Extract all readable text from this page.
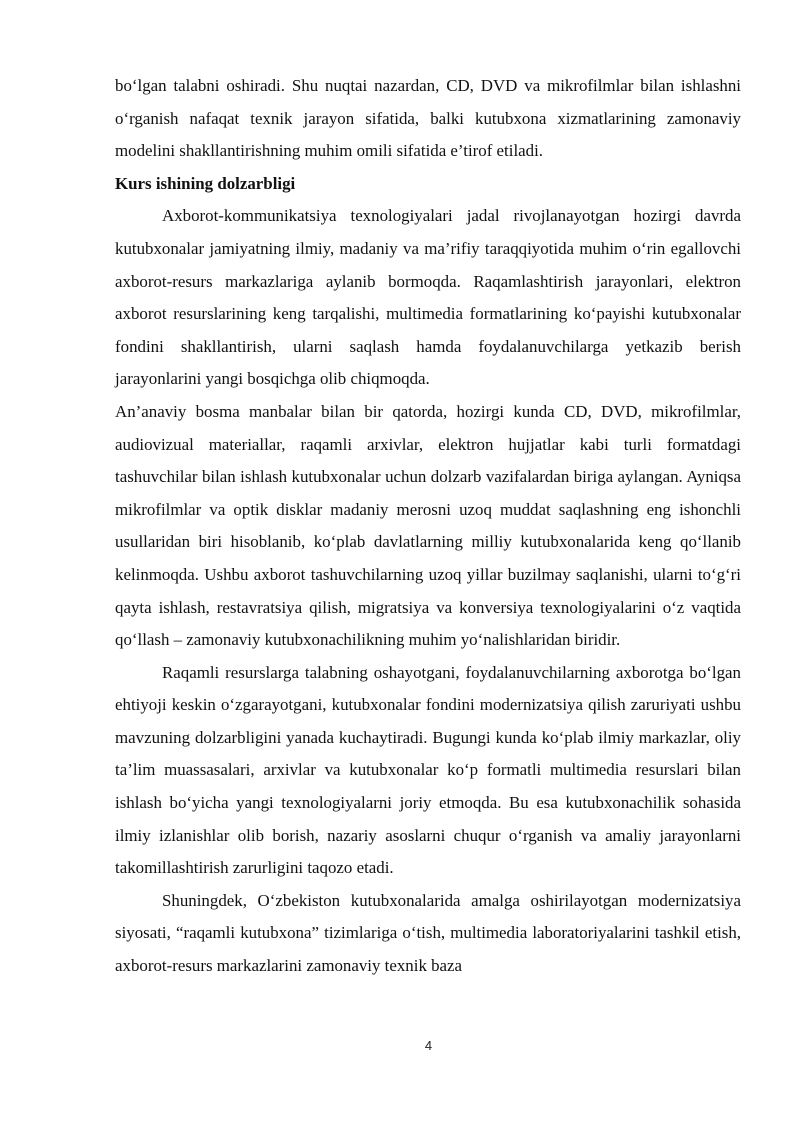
bo‘lgan talabni oshiradi. Shu nuqtai nazardan, CD, DVD va mikrofilmlar bilan ishlashni o‘rganish nafaqat texnik jarayon sifatida, balki kutubxona xizmatlarining zamonaviy modelini shakllantirishning muhim omili sifatida e’tirof etiladi.

Kurs ishining dolzarbligi

Axborot-kommunikatsiya texnologiyalari jadal rivojlanayotgan hozirgi davrda kutubxonalar jamiyatning ilmiy, madaniy va ma’rifiy taraqqiyotida muhim o‘rin egallovchi axborot-resurs markazlariga aylanib bormoqda. Raqamlashtirish jarayonlari, elektron axborot resurslarining keng tarqalishi, multimedia formatlarining ko‘payishi kutubxonalar fondini shakllantirish, ularni saqlash hamda foydalanuvchilarga yetkazib berish jarayonlarini yangi bosqichga olib chiqmoqda.

An’anaviy bosma manbalar bilan bir qatorda, hozirgi kunda CD, DVD, mikrofilmlar, audiovizual materiallar, raqamli arxivlar, elektron hujjatlar kabi turli formatdagi tashuvchilar bilan ishlash kutubxonalar uchun dolzarb vazifalardan biriga aylangan. Ayniqsa mikrofilmlar va optik disklar madaniy merosni uzoq muddat saqlashning eng ishonchli usullaridan biri hisoblanib, ko‘plab davlatlarning milliy kutubxonalarida keng qo‘llanib kelinmoqda. Ushbu axborot tashuvchilarning uzoq yillar buzilmay saqlanishi, ularni to‘g‘ri qayta ishlash, restavratsiya qilish, migratsiya va konversiya texnologiyalarini o‘z vaqtida qo‘llash – zamonaviy kutubxonachilikning muhim yo‘nalishlaridan biridir.

Raqamli resurslarga talabning oshayotgani, foydalanuvchilarning axborotga bo‘lgan ehtiyoji keskin o‘zgarayotgani, kutubxonalar fondini modernizatsiya qilish zaruriyati ushbu mavzuning dolzarbligini yanada kuchaytiradi. Bugungi kunda ko‘plab ilmiy markazlar, oliy ta’lim muassasalari, arxivlar va kutubxonalar ko‘p formatli multimedia resurslari bilan ishlash bo‘yicha yangi texnologiyalarni joriy etmoqda. Bu esa kutubxonachilik sohasida ilmiy izlanishlar olib borish, nazariy asoslarni chuqur o‘rganish va amaliy jarayonlarni takomillashtirish zarurligini taqozo etadi.

Shuningdek, O‘zbekiston kutubxonalarida amalga oshirilayotgan modernizatsiya siyosati, “raqamli kutubxona” tizimlariga o‘tish, multimedia laboratoriyalarini tashkil etish, axborot-resurs markazlarini zamonaviy texnik baza

4
